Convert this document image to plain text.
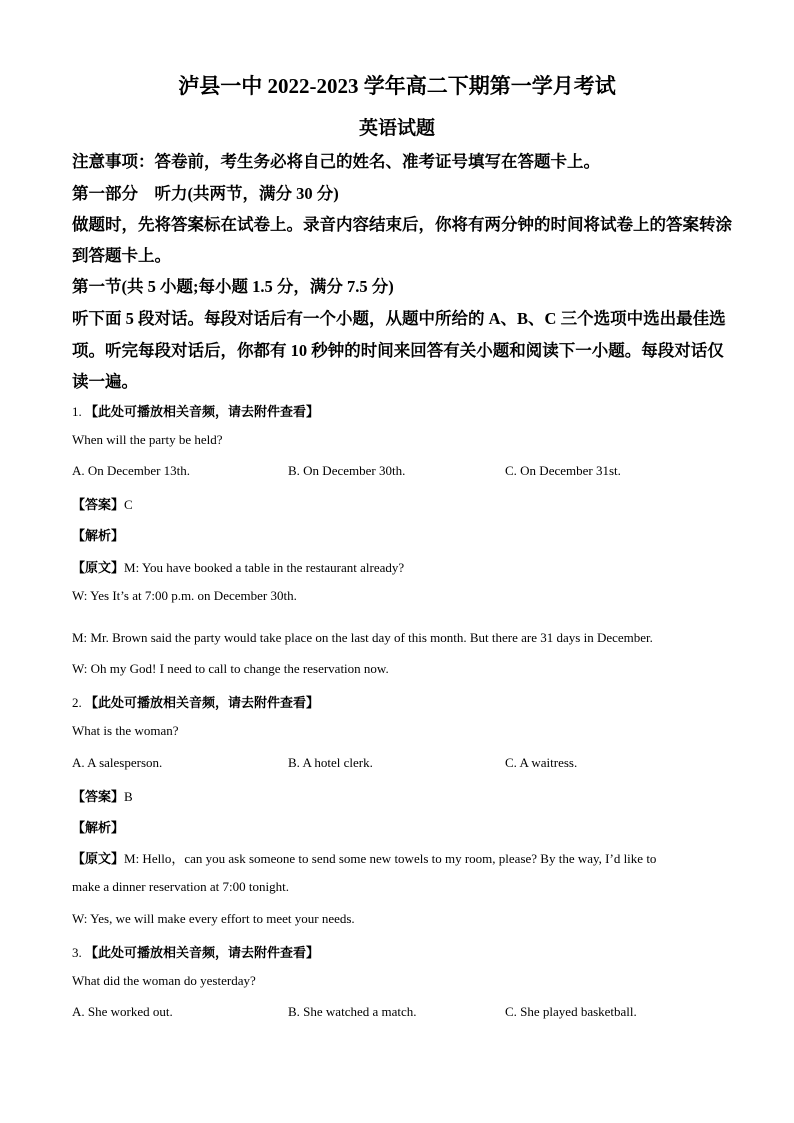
泸县一中 2022-2023 学年高二下期第一学月考试
英语试题
注意事项：答卷前，考生务必将自己的姓名、准考证号填写在答题卡上。
第一部分　听力(共两节，满分 30 分)
做题时，先将答案标在试卷上。录音内容结束后，你将有两分钟的时间将试卷上的答案转涂
到答题卡上。
第一节(共 5 小题;每小题 1.5 分，满分 7.5 分)
听下面 5 段对话。每段对话后有一个小题，从题中所给的 A、B、C 三个选项中选出最佳选
项。听完每段对话后，你都有 10 秒钟的时间来回答有关小题和阅读下一小题。每段对话仅
读一遍。
1. 【此处可播放相关音频，请去附件查看】
When will the party be held?
A. On December 13th.	B. On December 30th.	C. On December 31st.
【答案】C
【解析】
【原文】M: You have booked a table in the restaurant already?
W: Yes It’s at 7:00 p.m. on December 30th.
M: Mr. Brown said the party would take place on the last day of this month. But there are 31 days in December.
W: Oh my God! I need to call to change the reservation now.
2. 【此处可播放相关音频，请去附件查看】
What is the woman?
A. A salesperson.	B. A hotel clerk.	C. A waitress.
【答案】B
【解析】
【原文】M: Hello，can you ask someone to send some new towels to my room, please? By the way, I’d like to
make a dinner reservation at 7:00 tonight.
W: Yes, we will make every effort to meet your needs.
3. 【此处可播放相关音频，请去附件查看】
What did the woman do yesterday?
A. She worked out.	B. She watched a match.	C. She played basketball.
